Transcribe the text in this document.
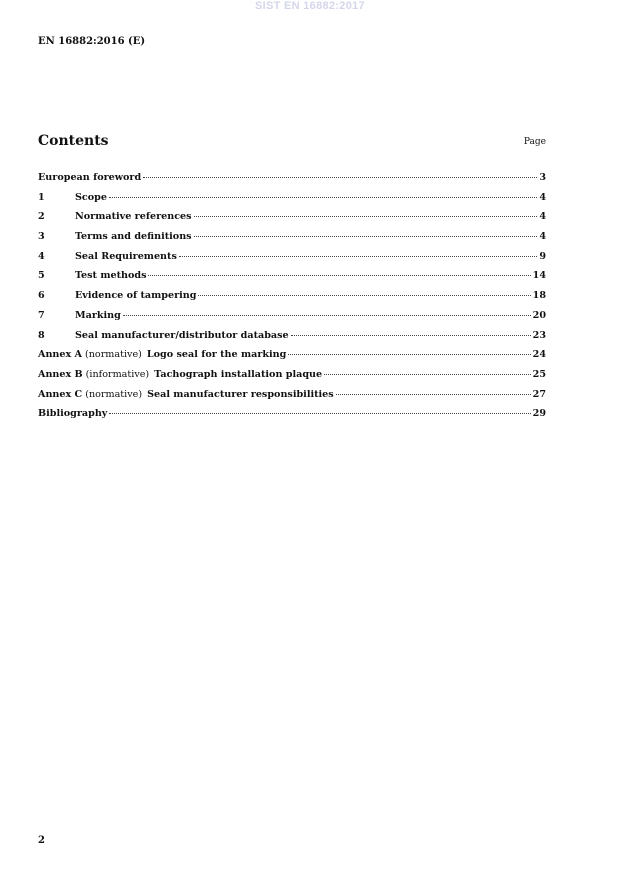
SIST EN 16882:2017
EN 16882:2016 (E)
Contents	Page
European foreword	3
1	Scope	4
2	Normative references	4
3	Terms and definitions	4
4	Seal Requirements	9
5	Test methods	14
6	Evidence of tampering	18
7	Marking	20
8	Seal manufacturer/distributor database	23
Annex A (normative) Logo seal for the marking	24
Annex B (informative) Tachograph installation plaque	25
Annex C (normative) Seal manufacturer responsibilities	27
Bibliography	29
2
